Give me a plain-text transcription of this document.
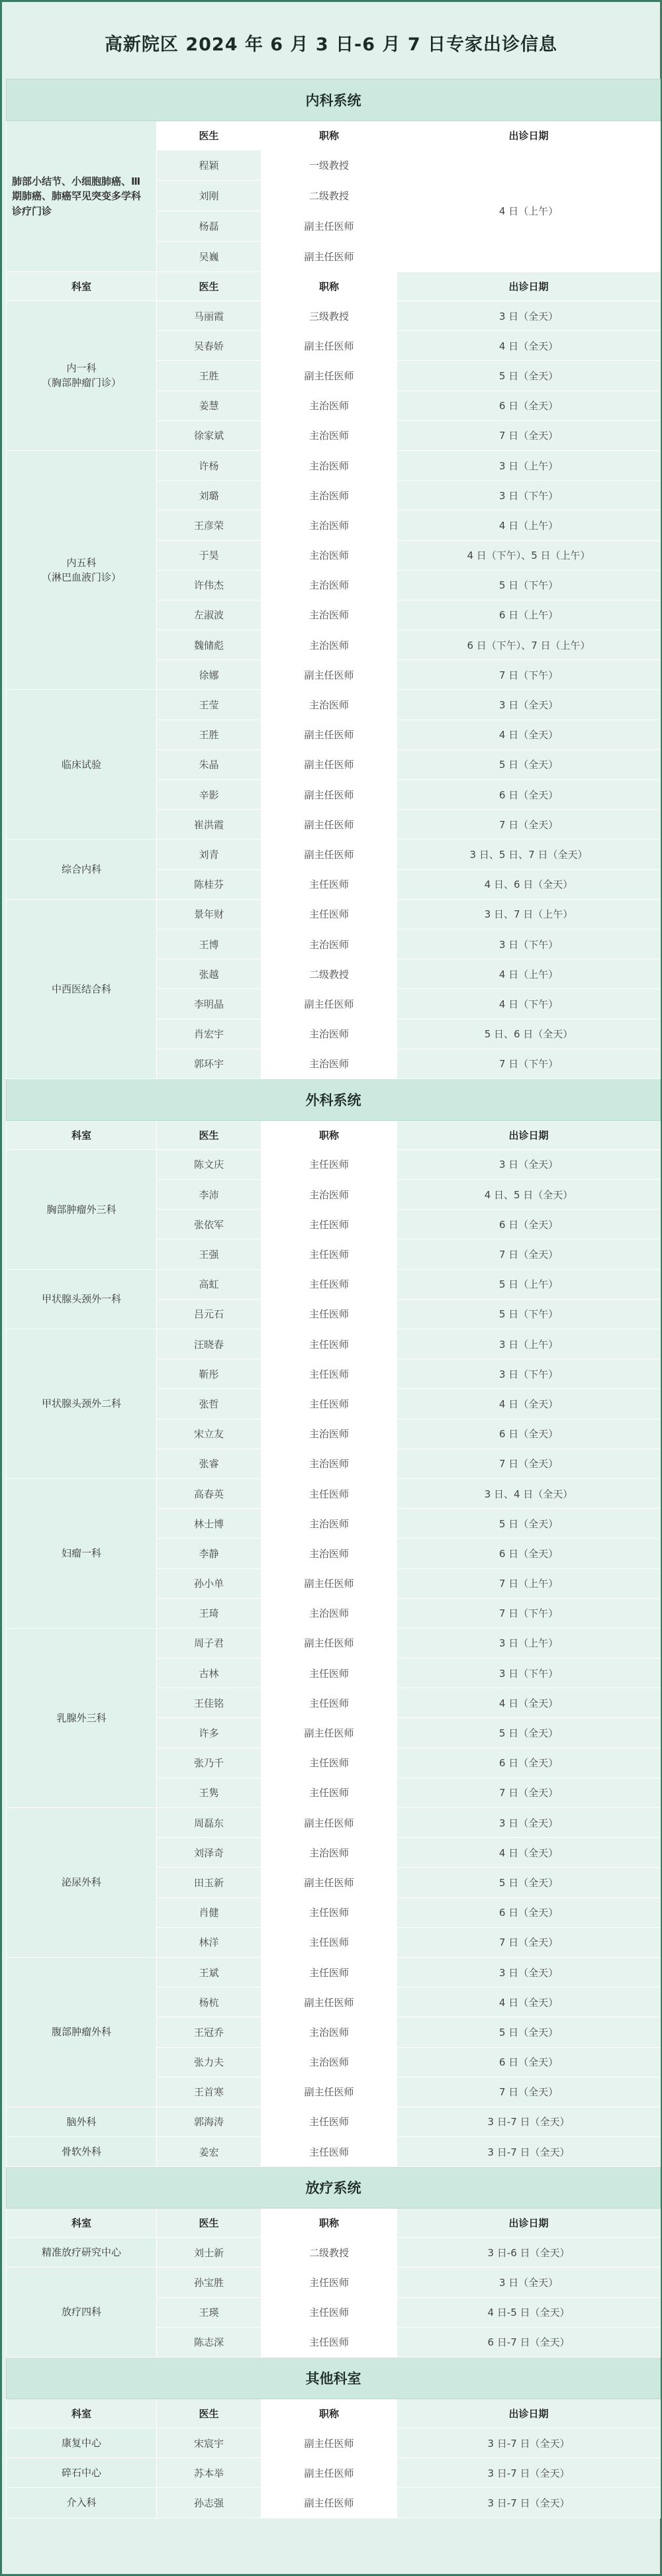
高新院区 2024 年 6 月 3 日-6 月 7 日专家出诊信息
内科系统			
肺部小结节、小细胞肺癌、Ⅲ期肺癌、肺癌罕见突变多学科诊疗门诊	医生	职称	出诊日期
	程颖	一级教授	4 日（上午）
	刘刚	二级教授	
	杨磊	副主任医师	
	吴巍	副主任医师	
科室	医生	职称	出诊日期
内一科
（胸部肿瘤门诊）	马丽霞	三级教授	3 日（全天）
	吴春娇	副主任医师	4 日（全天）
	王胜	副主任医师	5 日（全天）
	姜慧	主治医师	6 日（全天）
	徐家斌	主治医师	7 日（全天）
内五科
（淋巴血液门诊）	许杨	主治医师	3 日（上午）
	刘璐	主治医师	3 日（下午）
	王彦荣	主治医师	4 日（上午）
	于昊	主治医师	4 日（下午）、5 日（上午）
	许伟杰	主治医师	5 日（下午）
	左淑波	主治医师	6 日（上午）
	魏储彪	主治医师	6 日（下午）、7 日（上午）
	徐娜	副主任医师	7 日（下午）
临床试验	王莹	主治医师	3 日（全天）
	王胜	副主任医师	4 日（全天）
	朱晶	副主任医师	5 日（全天）
	辛影	副主任医师	6 日（全天）
	崔洪霞	副主任医师	7 日（全天）
综合内科	刘青	副主任医师	3 日、5 日、7 日（全天）
	陈桂芬	主任医师	4 日、6 日（全天）
中西医结合科	景年财	主任医师	3 日、7 日（上午）
	王博	主治医师	3 日（下午）
	张越	二级教授	4 日（上午）
	李明晶	副主任医师	4 日（下午）
	肖宏宇	主治医师	5 日、6 日（全天）
	郭环宇	主治医师	7 日（下午）
外科系统			
科室	医生	职称	出诊日期
胸部肿瘤外三科	陈文庆	主任医师	3 日（全天）
	李沛	主治医师	4 日、5 日（全天）
	张依军	主任医师	6 日（全天）
	王强	主任医师	7 日（全天）
甲状腺头颈外一科	高虹	主任医师	5 日（上午）
	吕元石	主任医师	5 日（下午）
甲状腺头颈外二科	汪晓春	主任医师	3 日（上午）
	靳彤	主任医师	3 日（下午）
	张哲	主任医师	4 日（全天）
	宋立友	主治医师	6 日（全天）
	张睿	主治医师	7 日（全天）
妇瘤一科	高春英	主任医师	3 日、4 日（全天）
	林士博	主治医师	5 日（全天）
	李静	主治医师	6 日（全天）
	孙小单	副主任医师	7 日（上午）
	王琦	主治医师	7 日（下午）
乳腺外三科	周子君	副主任医师	3 日（上午）
	古林	主任医师	3 日（下午）
	王佳铭	主任医师	4 日（全天）
	许多	副主任医师	5 日（全天）
	张乃千	主任医师	6 日（全天）
	王隽	主任医师	7 日（全天）
泌尿外科	周磊东	副主任医师	3 日（全天）
	刘泽奇	主治医师	4 日（全天）
	田玉新	副主任医师	5 日（全天）
	肖健	主任医师	6 日（全天）
	林洋	主任医师	7 日（全天）
腹部肿瘤外科	王斌	主任医师	3 日（全天）
	杨杭	副主任医师	4 日（全天）
	王冠乔	主治医师	5 日（全天）
	张力夫	主治医师	6 日（全天）
	王首寒	副主任医师	7 日（全天）
脑外科	郭海涛	主任医师	3 日-7 日（全天）
骨软外科	姜宏	主任医师	3 日-7 日（全天）
放疗系统			
科室	医生	职称	出诊日期
精准放疗研究中心	刘士新	二级教授	3 日-6 日（全天）
放疗四科	孙宝胜	主任医师	3 日（全天）
	王瑛	主任医师	4 日-5 日（全天）
	陈志深	主任医师	6 日-7 日（全天）
其他科室			
科室	医生	职称	出诊日期
康复中心	宋宸宇	副主任医师	3 日-7 日（全天）
碎石中心	苏本举	副主任医师	3 日-7 日（全天）
介入科	孙志强	副主任医师	3 日-7 日（全天）
